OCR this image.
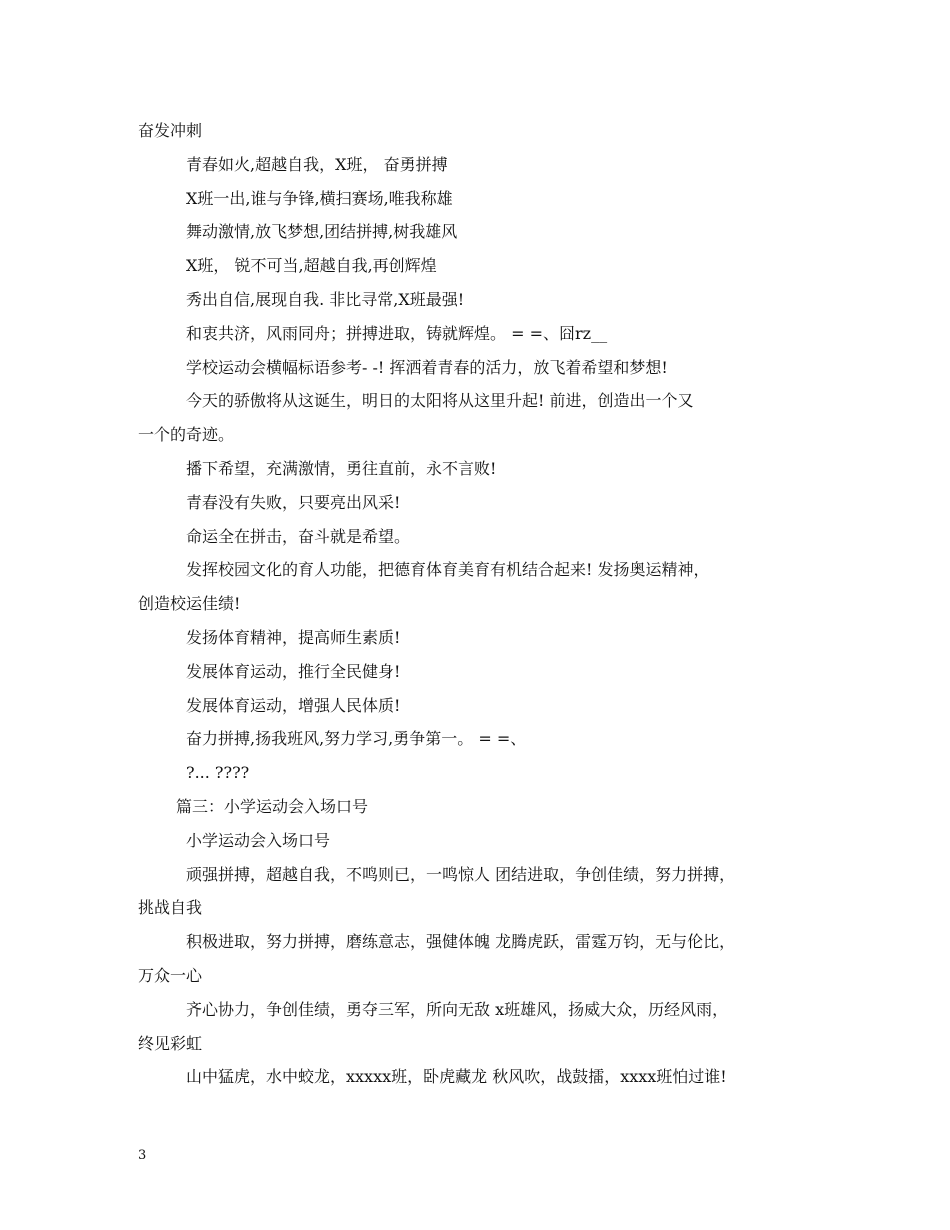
奋发冲刺
青春如火,超越自我，X班， 奋勇拼搏
X班一出,谁与争锋,横扫赛场,唯我称雄
舞动激情,放飞梦想,团结拼搏,树我雄风
X班， 锐不可当,超越自我,再创辉煌
秀出自信,展现自我. 非比寻常,X班最强!
和衷共济，风雨同舟；拼搏进取，铸就辉煌。 = =、囧rz__
学校运动会横幅标语参考- -! 挥洒着青春的活力，放飞着希望和梦想!
今天的骄傲将从这诞生，明日的太阳将从这里升起! 前进，创造出一个又
一个的奇迹。
播下希望，充满激情，勇往直前，永不言败!
青春没有失败，只要亮出风采!
命运全在拼击，奋斗就是希望。
发挥校园文化的育人功能，把德育体育美育有机结合起来! 发扬奥运精神，
创造校运佳绩!
发扬体育精神，提高师生素质!
发展体育运动，推行全民健身!
发展体育运动，增强人民体质!
奋力拼搏,扬我班风,努力学习,勇争第一。 = =、
?... ????
篇三：小学运动会入场口号
小学运动会入场口号
顽强拼搏，超越自我，不鸣则已，一鸣惊人 团结进取，争创佳绩，努力拼搏，
挑战自我
积极进取，努力拼搏，磨练意志，强健体魄 龙腾虎跃，雷霆万钧，无与伦比，
万众一心
齐心协力，争创佳绩，勇夺三军，所向无敌 x班雄风，扬威大众，历经风雨，
终见彩虹
山中猛虎，水中蛟龙，xxxxx班，卧虎藏龙 秋风吹，战鼓擂，xxxx班怕过谁!
3
